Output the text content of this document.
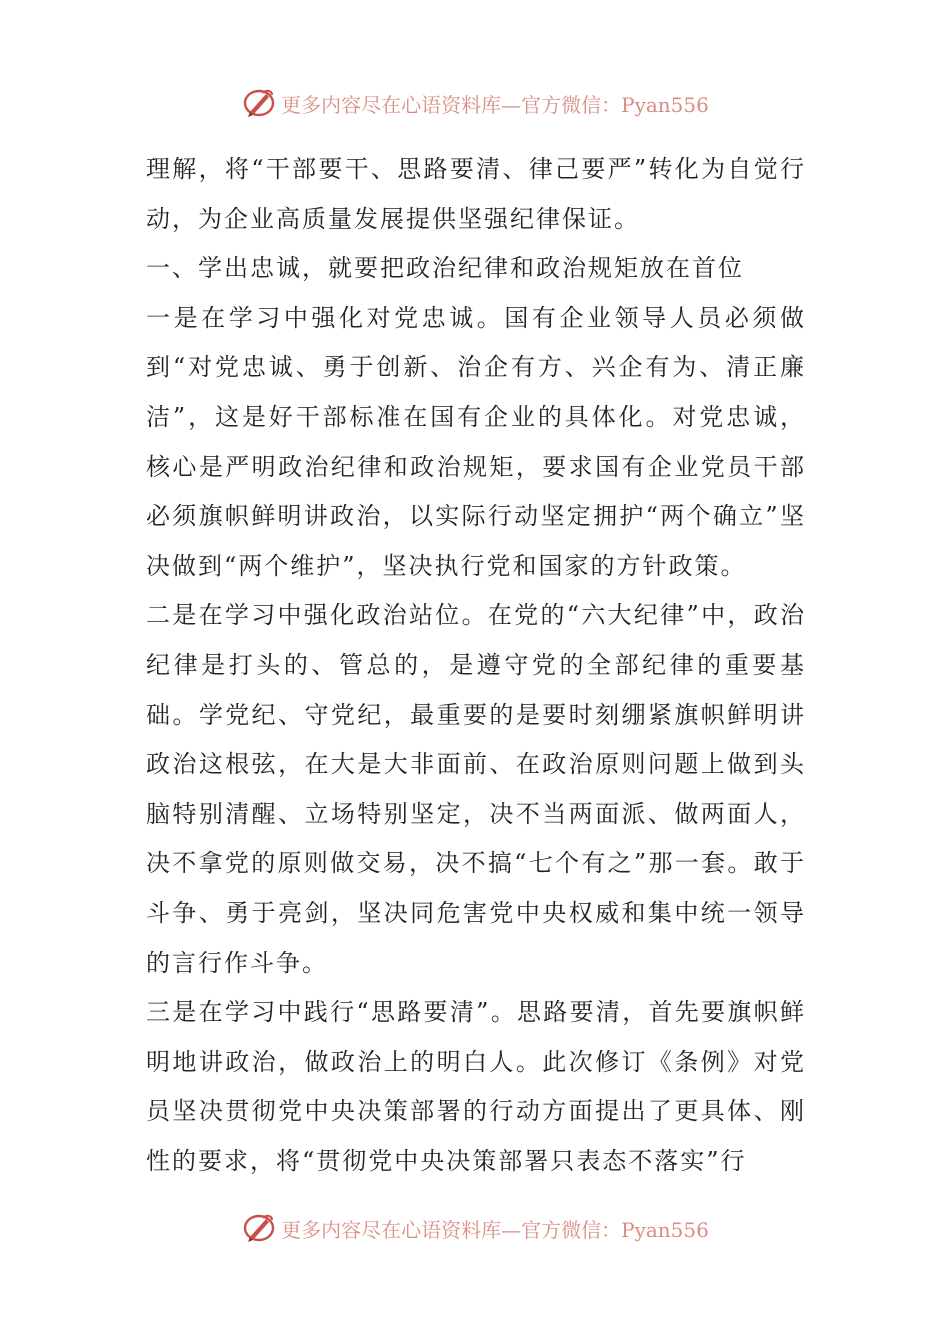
更多内容尽在心语资料库—官方微信：Pyan556

理解，将“干部要干、思路要清、律己要严”转化为自觉行动，为企业高质量发展提供坚强纪律保证。

一、学出忠诚，就要把政治纪律和政治规矩放在首位

一是在学习中强化对党忠诚。国有企业领导人员必须做到“对党忠诚、勇于创新、治企有方、兴企有为、清正廉洁”，这是好干部标准在国有企业的具体化。对党忠诚，核心是严明政治纪律和政治规矩，要求国有企业党员干部必须旗帜鲜明讲政治，以实际行动坚定拥护“两个确立”坚决做到“两个维护”，坚决执行党和国家的方针政策。

二是在学习中强化政治站位。在党的“六大纪律”中，政治纪律是打头的、管总的，是遵守党的全部纪律的重要基础。学党纪、守党纪，最重要的是要时刻绷紧旗帜鲜明讲政治这根弦，在大是大非面前、在政治原则问题上做到头脑特别清醒、立场特别坚定，决不当两面派、做两面人，决不拿党的原则做交易，决不搞“七个有之”那一套。敢于斗争、勇于亮剑，坚决同危害党中央权威和集中统一领导的言行作斗争。

三是在学习中践行“思路要清”。思路要清，首先要旗帜鲜明地讲政治，做政治上的明白人。此次修订《条例》对党员坚决贯彻党中央决策部署的行动方面提出了更具体、刚性的要求，将“贯彻党中央决策部署只表态不落实”行

更多内容尽在心语资料库—官方微信：Pyan556
